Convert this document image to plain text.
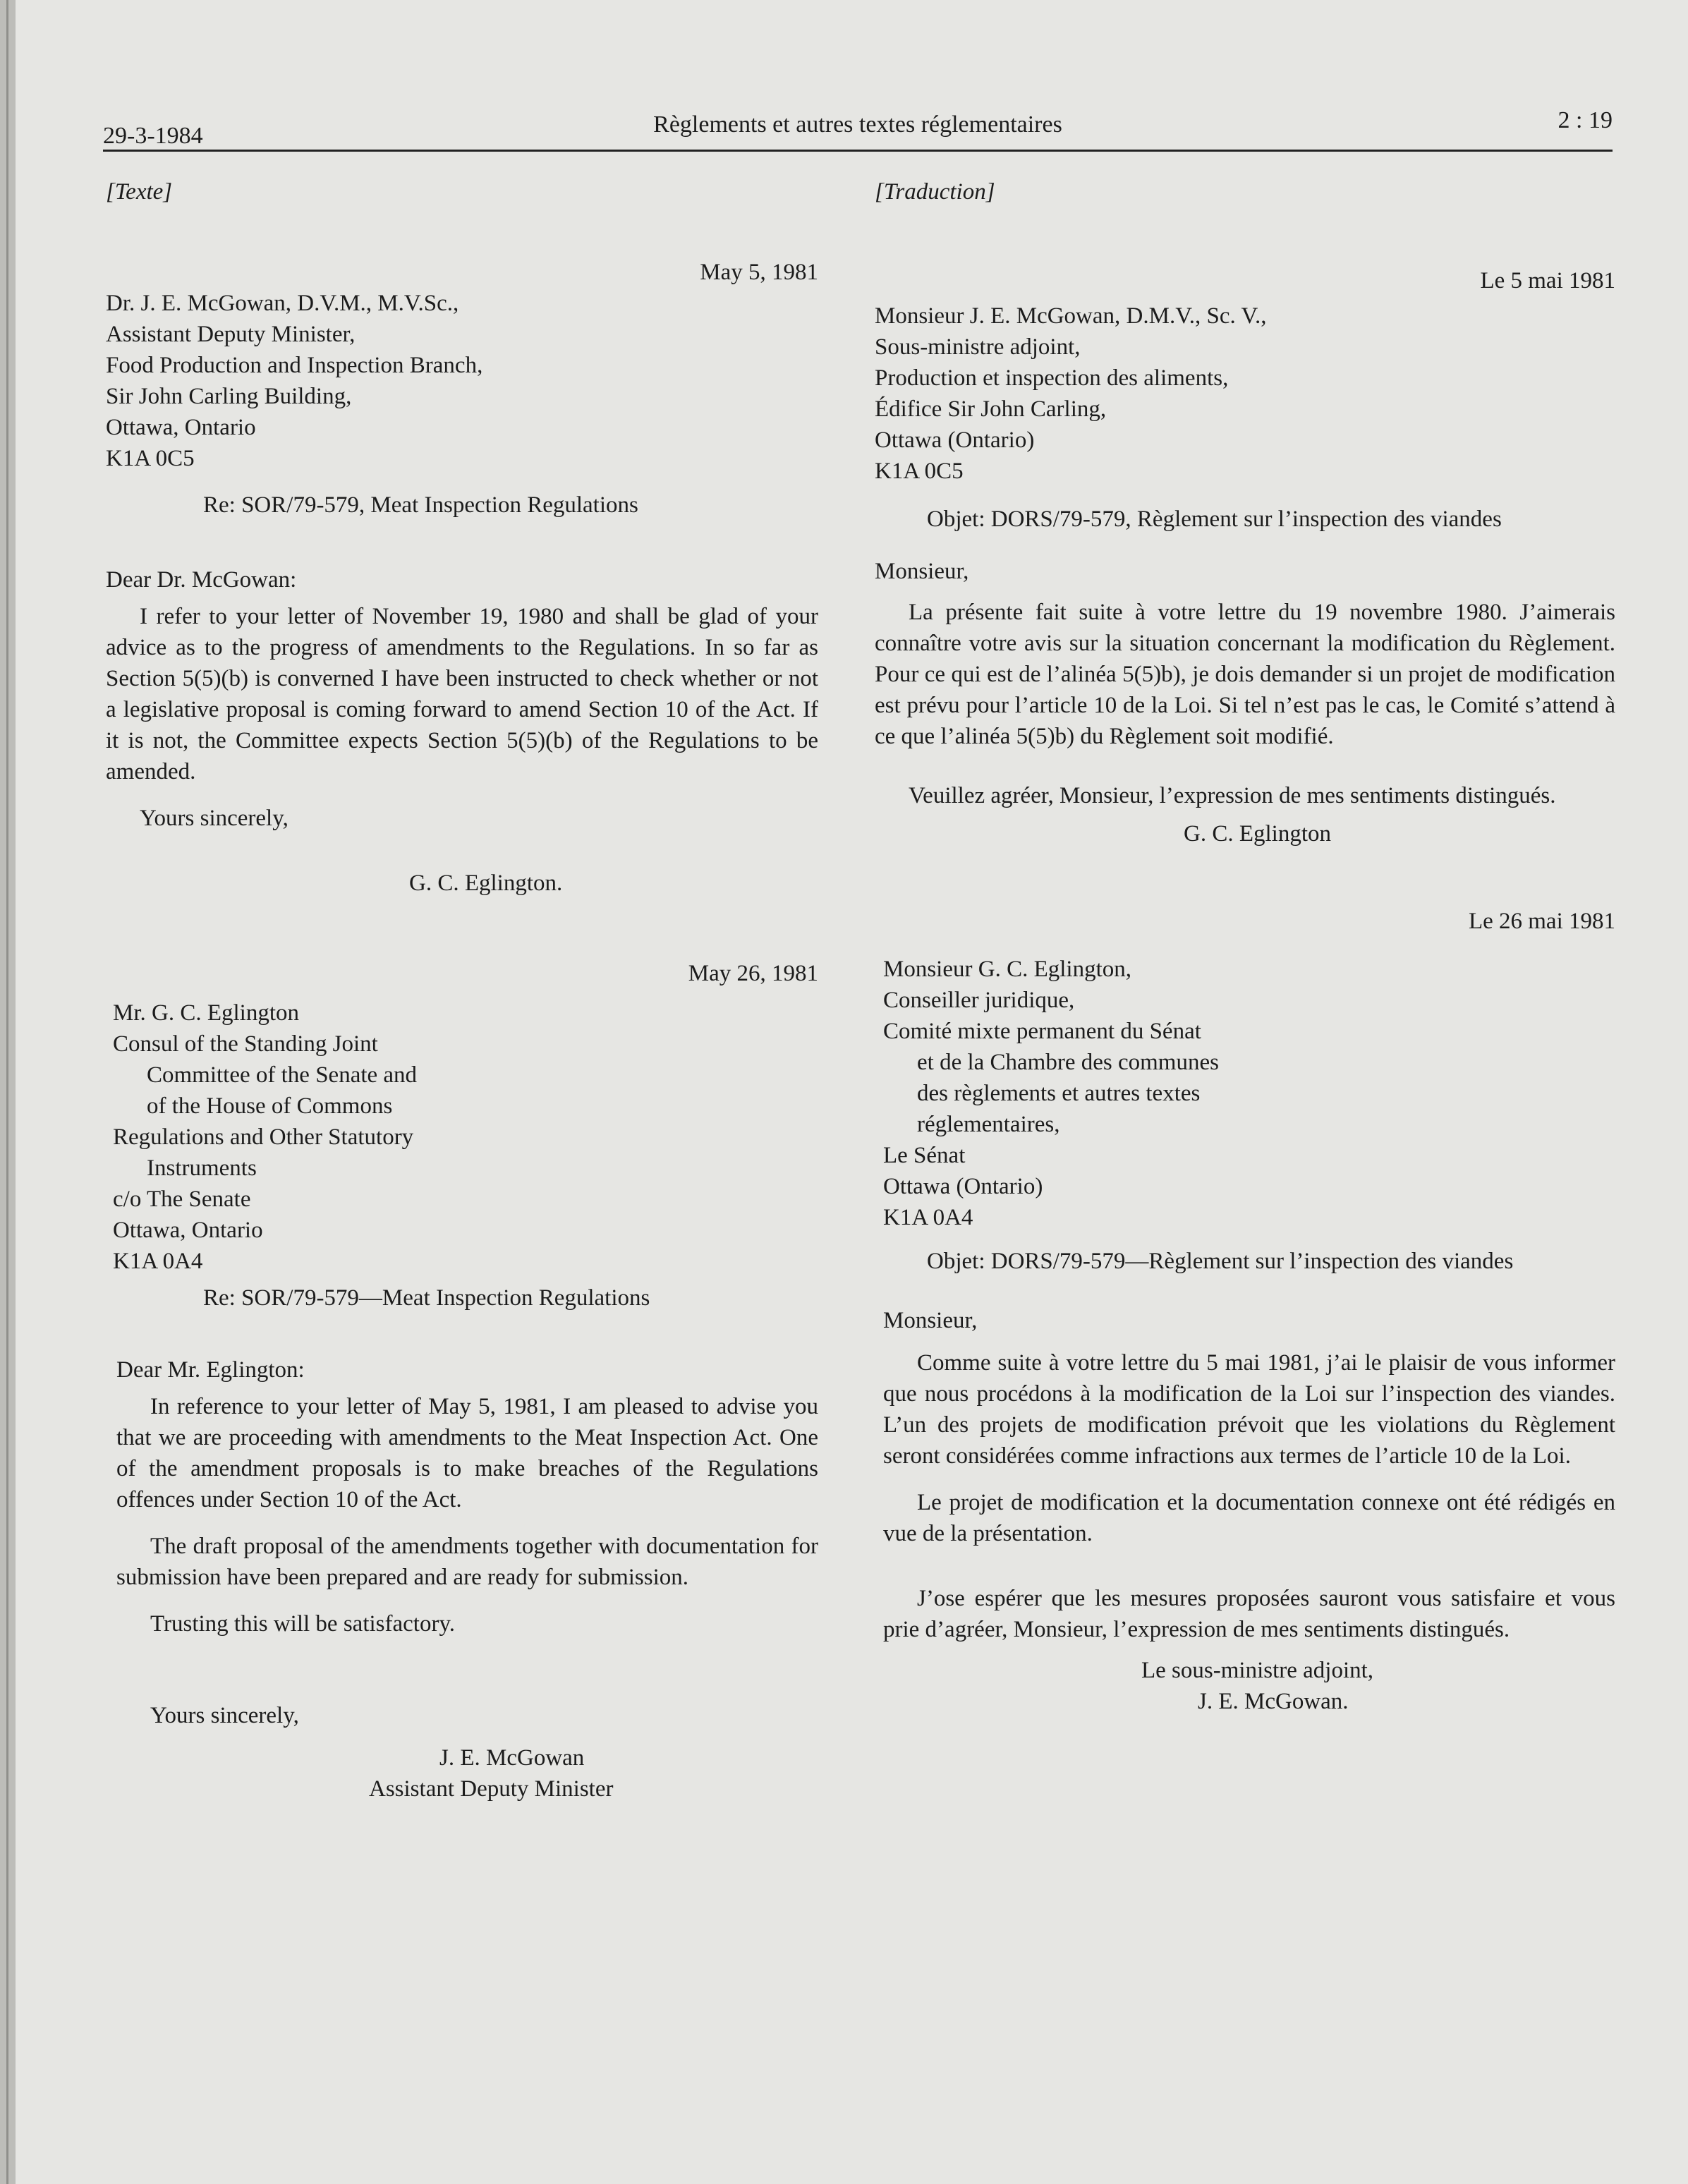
29-3-1984	Règlements et autres textes réglementaires	2 : 19

[Texte]

May 5, 1981

Dr. J. E. McGowan, D.V.M., M.V.Sc.,
Assistant Deputy Minister,
Food Production and Inspection Branch,
Sir John Carling Building,
Ottawa, Ontario
K1A 0C5

Re: SOR/79-579, Meat Inspection Regulations

Dear Dr. McGowan:

I refer to your letter of November 19, 1980 and shall be glad of your advice as to the progress of amendments to the Regulations. In so far as Section 5(5)(b) is converned I have been instructed to check whether or not a legislative proposal is coming forward to amend Section 10 of the Act. If it is not, the Committee expects Section 5(5)(b) of the Regulations to be amended.

Yours sincerely,

G. C. Eglington.

May 26, 1981

Mr. G. C. Eglington
Consul of the Standing Joint
Committee of the Senate and
of the House of Commons
Regulations and Other Statutory
Instruments
c/o The Senate
Ottawa, Ontario
K1A 0A4

Re: SOR/79-579—Meat Inspection Regulations

Dear Mr. Eglington:

In reference to your letter of May 5, 1981, I am pleased to advise you that we are proceeding with amendments to the Meat Inspection Act. One of the amendment proposals is to make breaches of the Regulations offences under Section 10 of the Act.

The draft proposal of the amendments together with documentation for submission have been prepared and are ready for submission.

Trusting this will be satisfactory.

Yours sincerely,

J. E. McGowan

Assistant Deputy Minister

[Traduction]

Le 5 mai 1981

Monsieur J. E. McGowan, D.M.V., Sc. V.,
Sous-ministre adjoint,
Production et inspection des aliments,
Édifice Sir John Carling,
Ottawa (Ontario)
K1A 0C5

Objet: DORS/79-579, Règlement sur l’inspection des viandes

Monsieur,

La présente fait suite à votre lettre du 19 novembre 1980. J’aimerais connaître votre avis sur la situation concernant la modification du Règlement. Pour ce qui est de l’alinéa 5(5)b), je dois demander si un projet de modification est prévu pour l’article 10 de la Loi. Si tel n’est pas le cas, le Comité s’attend à ce que l’alinéa 5(5)b) du Règlement soit modifié.

Veuillez agréer, Monsieur, l’expression de mes sentiments distingués.

G. C. Eglington

Le 26 mai 1981

Monsieur G. C. Eglington,
Conseiller juridique,
Comité mixte permanent du Sénat
et de la Chambre des communes
des règlements et autres textes
réglementaires,
Le Sénat
Ottawa (Ontario)
K1A 0A4

Objet: DORS/79-579—Règlement sur l’inspection des viandes

Monsieur,

Comme suite à votre lettre du 5 mai 1981, j’ai le plaisir de vous informer que nous procédons à la modification de la Loi sur l’inspection des viandes. L’un des projets de modification prévoit que les violations du Règlement seront considérées comme infractions aux termes de l’article 10 de la Loi.

Le projet de modification et la documentation connexe ont été rédigés en vue de la présentation.

J’ose espérer que les mesures proposées sauront vous satisfaire et vous prie d’agréer, Monsieur, l’expression de mes sentiments distingués.

Le sous-ministre adjoint,

J. E. McGowan.
